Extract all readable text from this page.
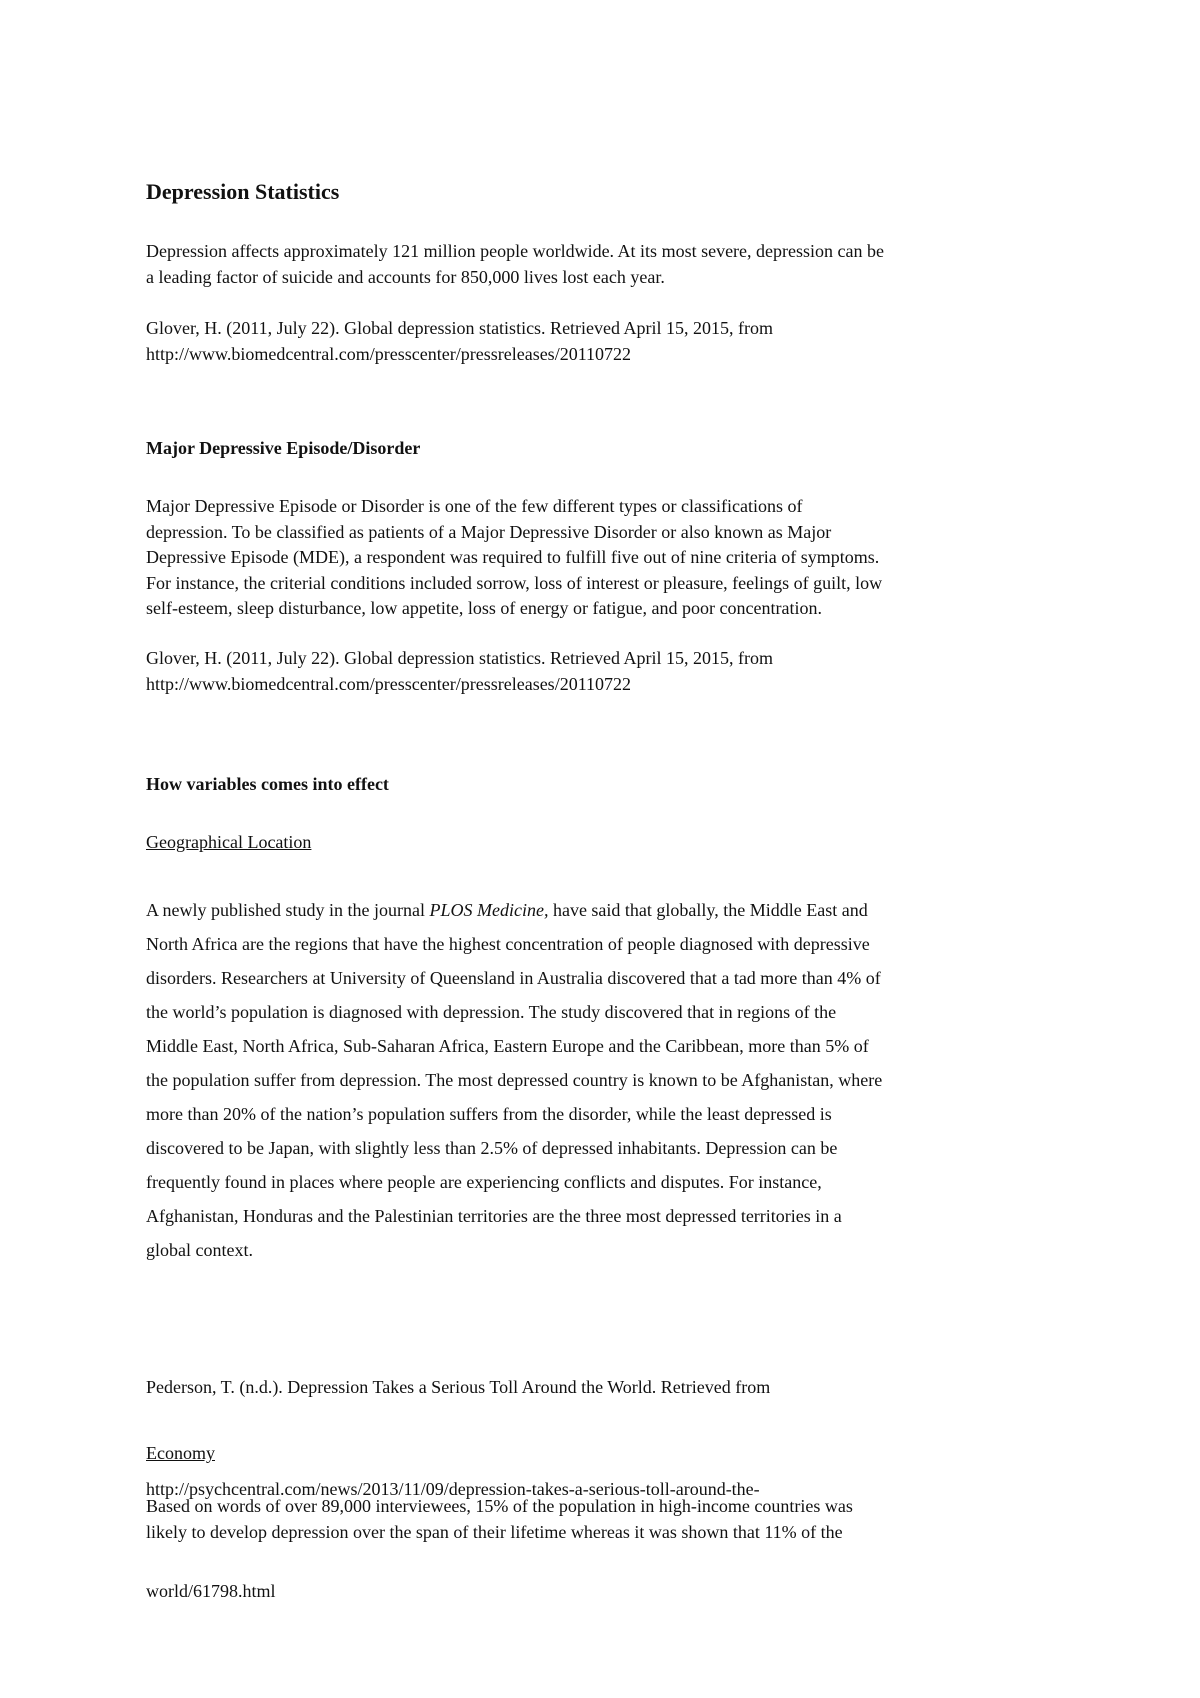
Depression Statistics

Depression affects approximately 121 million people worldwide. At its most severe, depression can be
a leading factor of suicide and accounts for 850,000 lives lost each year.

Glover, H. (2011, July 22). Global depression statistics. Retrieved April 15, 2015, from
http://www.biomedcentral.com/presscenter/pressreleases/20110722

Major Depressive Episode/Disorder

Major Depressive Episode or Disorder is one of the few different types or classifications of
depression. To be classified as patients of a Major Depressive Disorder or also known as Major
Depressive Episode (MDE), a respondent was required to fulfill five out of nine criteria of symptoms.
For instance, the criterial conditions included sorrow, loss of interest or pleasure, feelings of guilt, low
self-esteem, sleep disturbance, low appetite, loss of energy or fatigue, and poor concentration.

Glover, H. (2011, July 22). Global depression statistics. Retrieved April 15, 2015, from
http://www.biomedcentral.com/presscenter/pressreleases/20110722

How variables comes into effect

Geographical Location

A newly published study in the journal PLOS Medicine, have said that globally, the Middle East and
North Africa are the regions that have the highest concentration of people diagnosed with depressive
disorders. Researchers at University of Queensland in Australia discovered that a tad more than 4% of
the world’s population is diagnosed with depression. The study discovered that in regions of the
Middle East, North Africa, Sub-Saharan Africa, Eastern Europe and the Caribbean, more than 5% of
the population suffer from depression. The most depressed country is known to be Afghanistan, where
more than 20% of the nation’s population suffers from the disorder, while the least depressed is
discovered to be Japan, with slightly less than 2.5% of depressed inhabitants. Depression can be
frequently found in places where people are experiencing conflicts and disputes. For instance,
Afghanistan, Honduras and the Palestinian territories are the three most depressed territories in a
global context.

Pederson, T. (n.d.). Depression Takes a Serious Toll Around the World. Retrieved from

http://psychcentral.com/news/2013/11/09/depression-takes-a-serious-toll-around-the-

world/61798.html

Economy

Based on words of over 89,000 interviewees, 15% of the population in high-income countries was
likely to develop depression over the span of their lifetime whereas it was shown that 11% of the
